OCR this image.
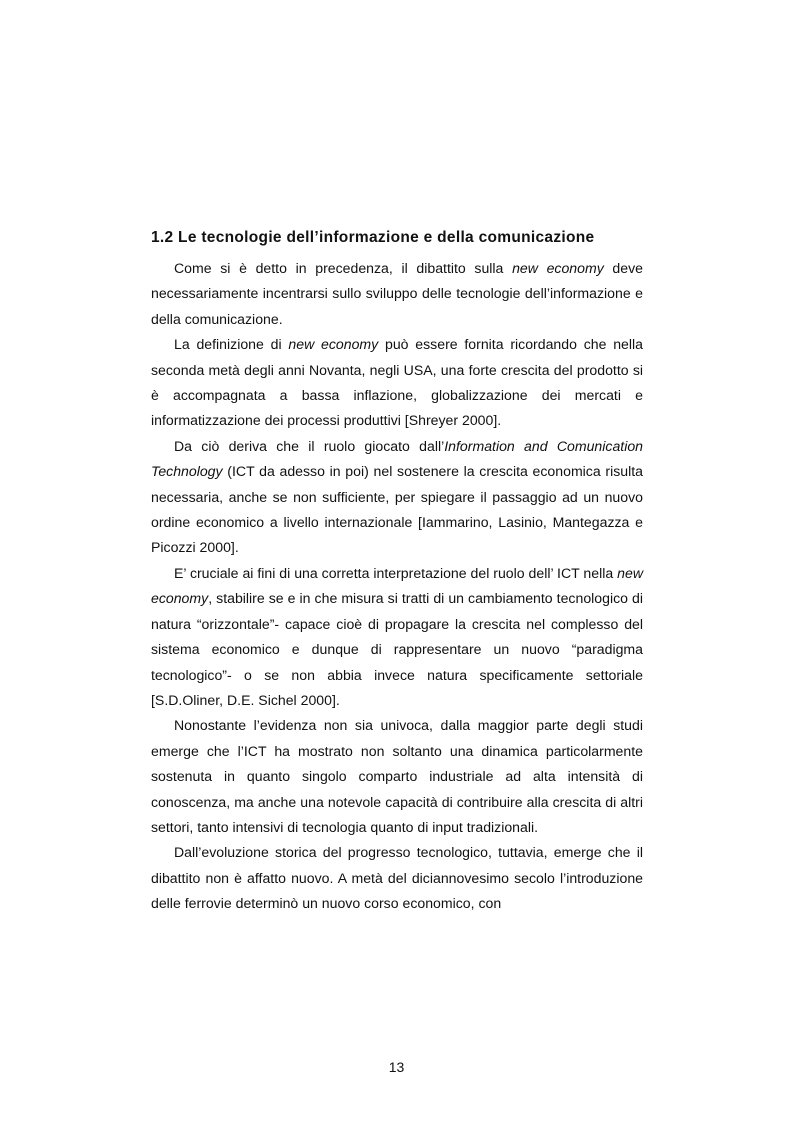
1.2 Le tecnologie dell’informazione e della comunicazione

Come si è detto in precedenza, il dibattito sulla new economy deve necessariamente incentrarsi sullo sviluppo delle tecnologie dell’informazione e della comunicazione.

La definizione di new economy può essere fornita ricordando che nella seconda metà degli anni Novanta, negli USA, una forte crescita del prodotto si è accompagnata a bassa inflazione, globalizzazione dei mercati e informatizzazione dei processi produttivi [Shreyer 2000].

Da ciò deriva che il ruolo giocato dall’Information and Comunication Technology (ICT da adesso in poi) nel sostenere la crescita economica risulta necessaria, anche se non sufficiente, per spiegare il passaggio ad un nuovo ordine economico a livello internazionale [Iammarino, Lasinio, Mantegazza e Picozzi 2000].

E’ cruciale ai fini di una corretta interpretazione del ruolo dell’ ICT nella new economy, stabilire se e in che misura si tratti di un cambiamento tecnologico di natura “orizzontale”- capace cioè di propagare la crescita nel complesso del sistema economico e dunque di rappresentare un nuovo “paradigma tecnologico”- o se non abbia invece natura specificamente settoriale [S.D.Oliner, D.E. Sichel 2000].

Nonostante l’evidenza non sia univoca, dalla maggior parte degli studi emerge che l’ICT ha mostrato non soltanto una dinamica particolarmente sostenuta in quanto singolo comparto industriale ad alta intensità di conoscenza, ma anche una notevole capacità di contribuire alla crescita di altri settori, tanto intensivi di tecnologia quanto di input tradizionali.

Dall’evoluzione storica del progresso tecnologico, tuttavia, emerge che il dibattito non è affatto nuovo. A metà del diciannovesimo secolo l’introduzione delle ferrovie determinò un nuovo corso economico, con

13
